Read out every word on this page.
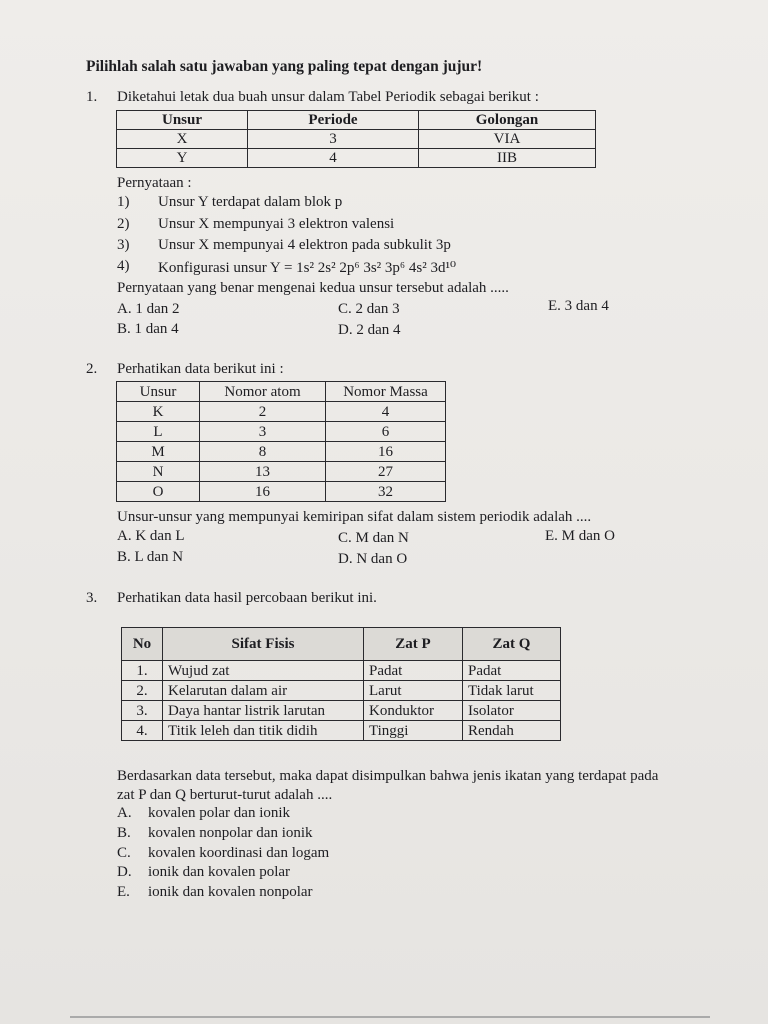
Pilihlah salah satu jawaban yang paling tepat dengan jujur!
1. Diketahui letak dua buah unsur dalam Tabel Periodik sebagai berikut :
Unsur	Periode	Golongan
X	3	VIA
Y	4	IIB
Pernyataan :
1) Unsur Y terdapat dalam blok p
2) Unsur X mempunyai 3 elektron valensi
3) Unsur X mempunyai 4 elektron pada subkulit 3p
4) Konfigurasi unsur Y = 1s² 2s² 2p⁶ 3s² 3p⁶ 4s² 3d¹⁰
Pernyataan yang benar mengenai kedua unsur tersebut adalah .....
A. 1 dan 2	C. 2 dan 3	E. 3 dan 4
B. 1 dan 4	D. 2 dan 4
2. Perhatikan data berikut ini :
Unsur	Nomor atom	Nomor Massa
K	2	4
L	3	6
M	8	16
N	13	27
O	16	32
Unsur-unsur yang mempunyai kemiripan sifat dalam sistem periodik adalah ....
A. K dan L	C. M dan N	E. M dan O
B. L dan N	D. N dan O
3. Perhatikan data hasil percobaan berikut ini.
No	Sifat Fisis	Zat P	Zat Q
1.	Wujud zat	Padat	Padat
2.	Kelarutan dalam air	Larut	Tidak larut
3.	Daya hantar listrik larutan	Konduktor	Isolator
4.	Titik leleh dan titik didih	Tinggi	Rendah
Berdasarkan data tersebut, maka dapat disimpulkan bahwa jenis ikatan yang terdapat pada
zat P dan Q berturut-turut adalah ....
A. kovalen polar dan ionik
B. kovalen nonpolar dan ionik
C. kovalen koordinasi dan logam
D. ionik dan kovalen polar
E. ionik dan kovalen nonpolar
